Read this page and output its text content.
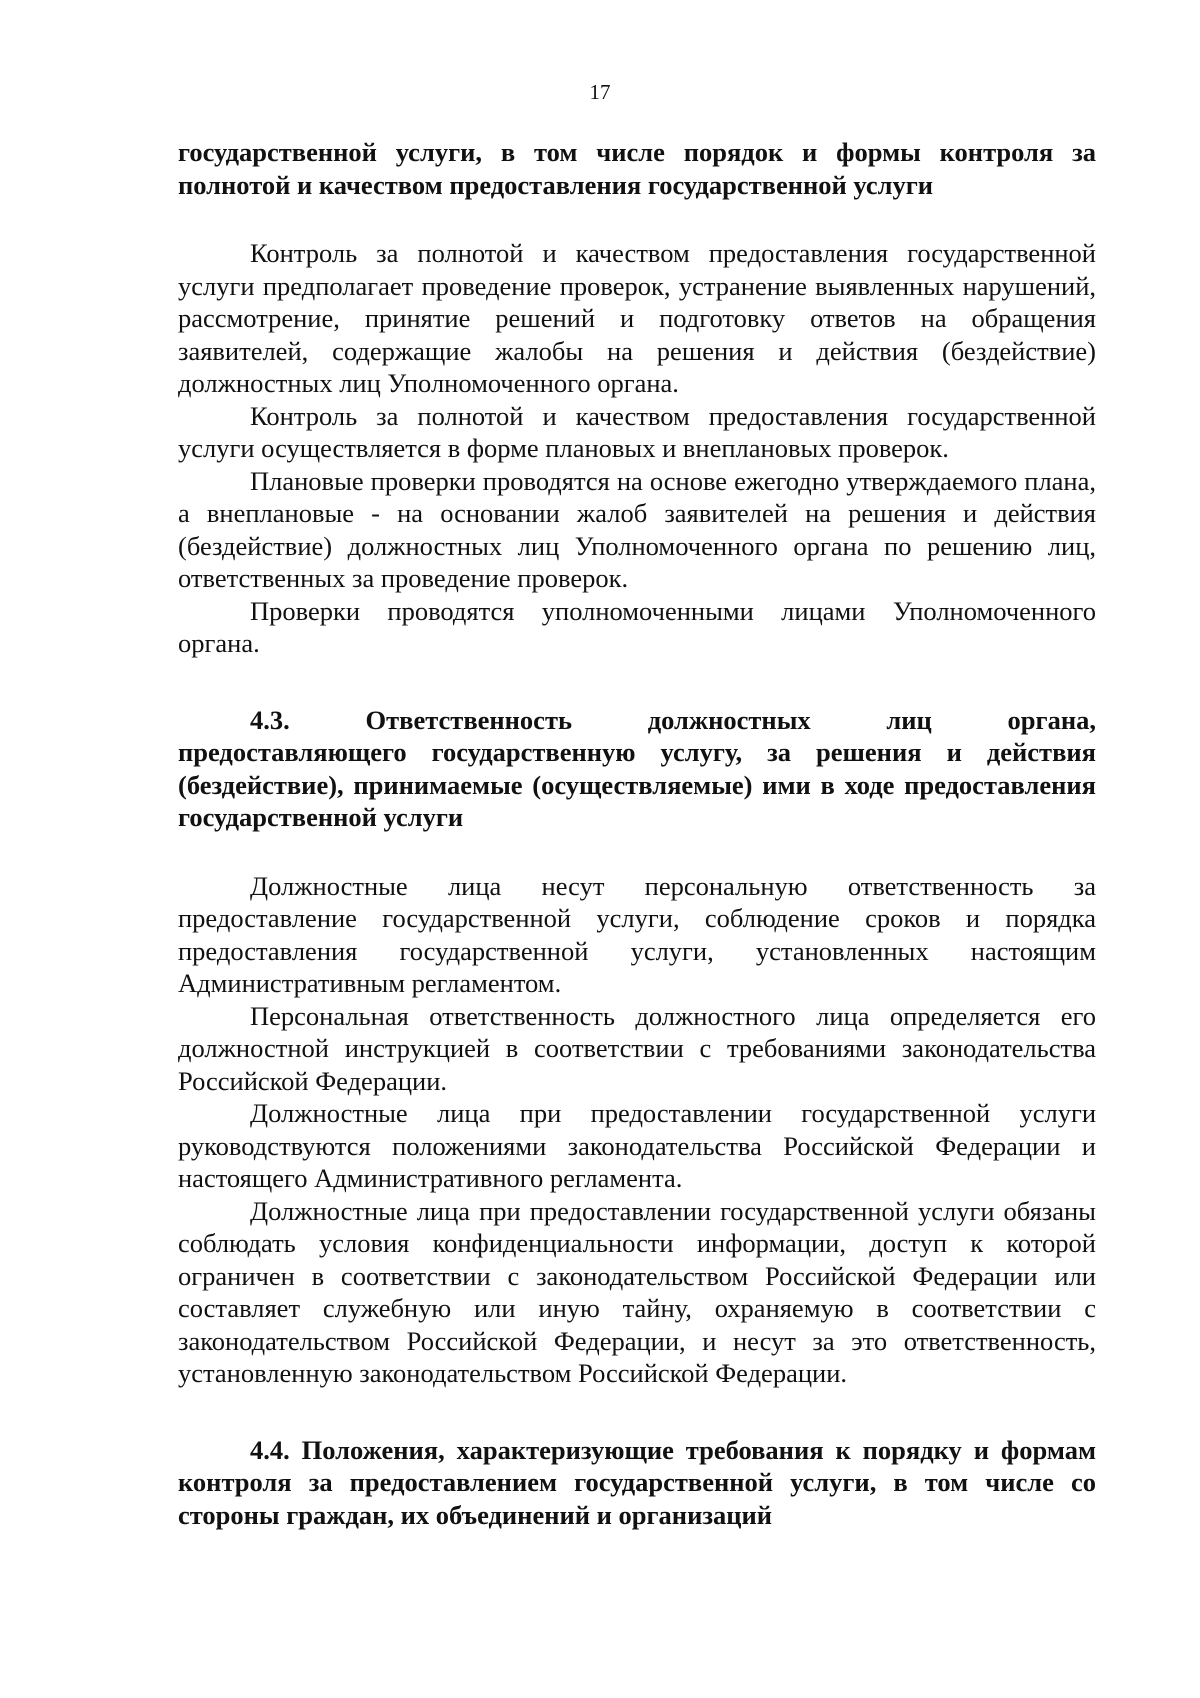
17

государственной услуги, в том числе порядок и формы контроля за полнотой и качеством предоставления государственной услуги

Контроль за полнотой и качеством предоставления государственной услуги предполагает проведение проверок, устранение выявленных нарушений, рассмотрение, принятие решений и подготовку ответов на обращения заявителей, содержащие жалобы на решения и действия (бездействие) должностных лиц Уполномоченного органа.

Контроль за полнотой и качеством предоставления государственной услуги осуществляется в форме плановых и внеплановых проверок.

Плановые проверки проводятся на основе ежегодно утверждаемого плана, а внеплановые - на основании жалоб заявителей на решения и действия (бездействие) должностных лиц Уполномоченного органа по решению лиц, ответственных за проведение проверок.

Проверки проводятся уполномоченными лицами Уполномоченного органа.

4.3.	Ответственность	должностных	лиц	органа,

предоставляющего государственную услугу, за решения и действия (бездействие), принимаемые (осуществляемые) ими в ходе предоставления государственной услуги

Должностные лица несут персональную ответственность за предоставление государственной услуги, соблюдение сроков и порядка предоставления государственной услуги, установленных настоящим Административным регламентом.

Персональная ответственность должностного лица определяется его должностной инструкцией в соответствии с требованиями законодательства Российской Федерации.

Должностные лица при предоставлении государственной услуги руководствуются положениями законодательства Российской Федерации и настоящего Административного регламента.

Должностные лица при предоставлении государственной услуги обязаны соблюдать условия конфиденциальности информации, доступ к которой ограничен в соответствии с законодательством Российской Федерации или составляет служебную или иную тайну, охраняемую в соответствии с законодательством Российской Федерации, и несут за это ответственность, установленную законодательством Российской Федерации.

4.4. Положения, характеризующие требования к порядку и формам контроля за предоставлением государственной услуги, в том числе со стороны граждан, их объединений и организаций
